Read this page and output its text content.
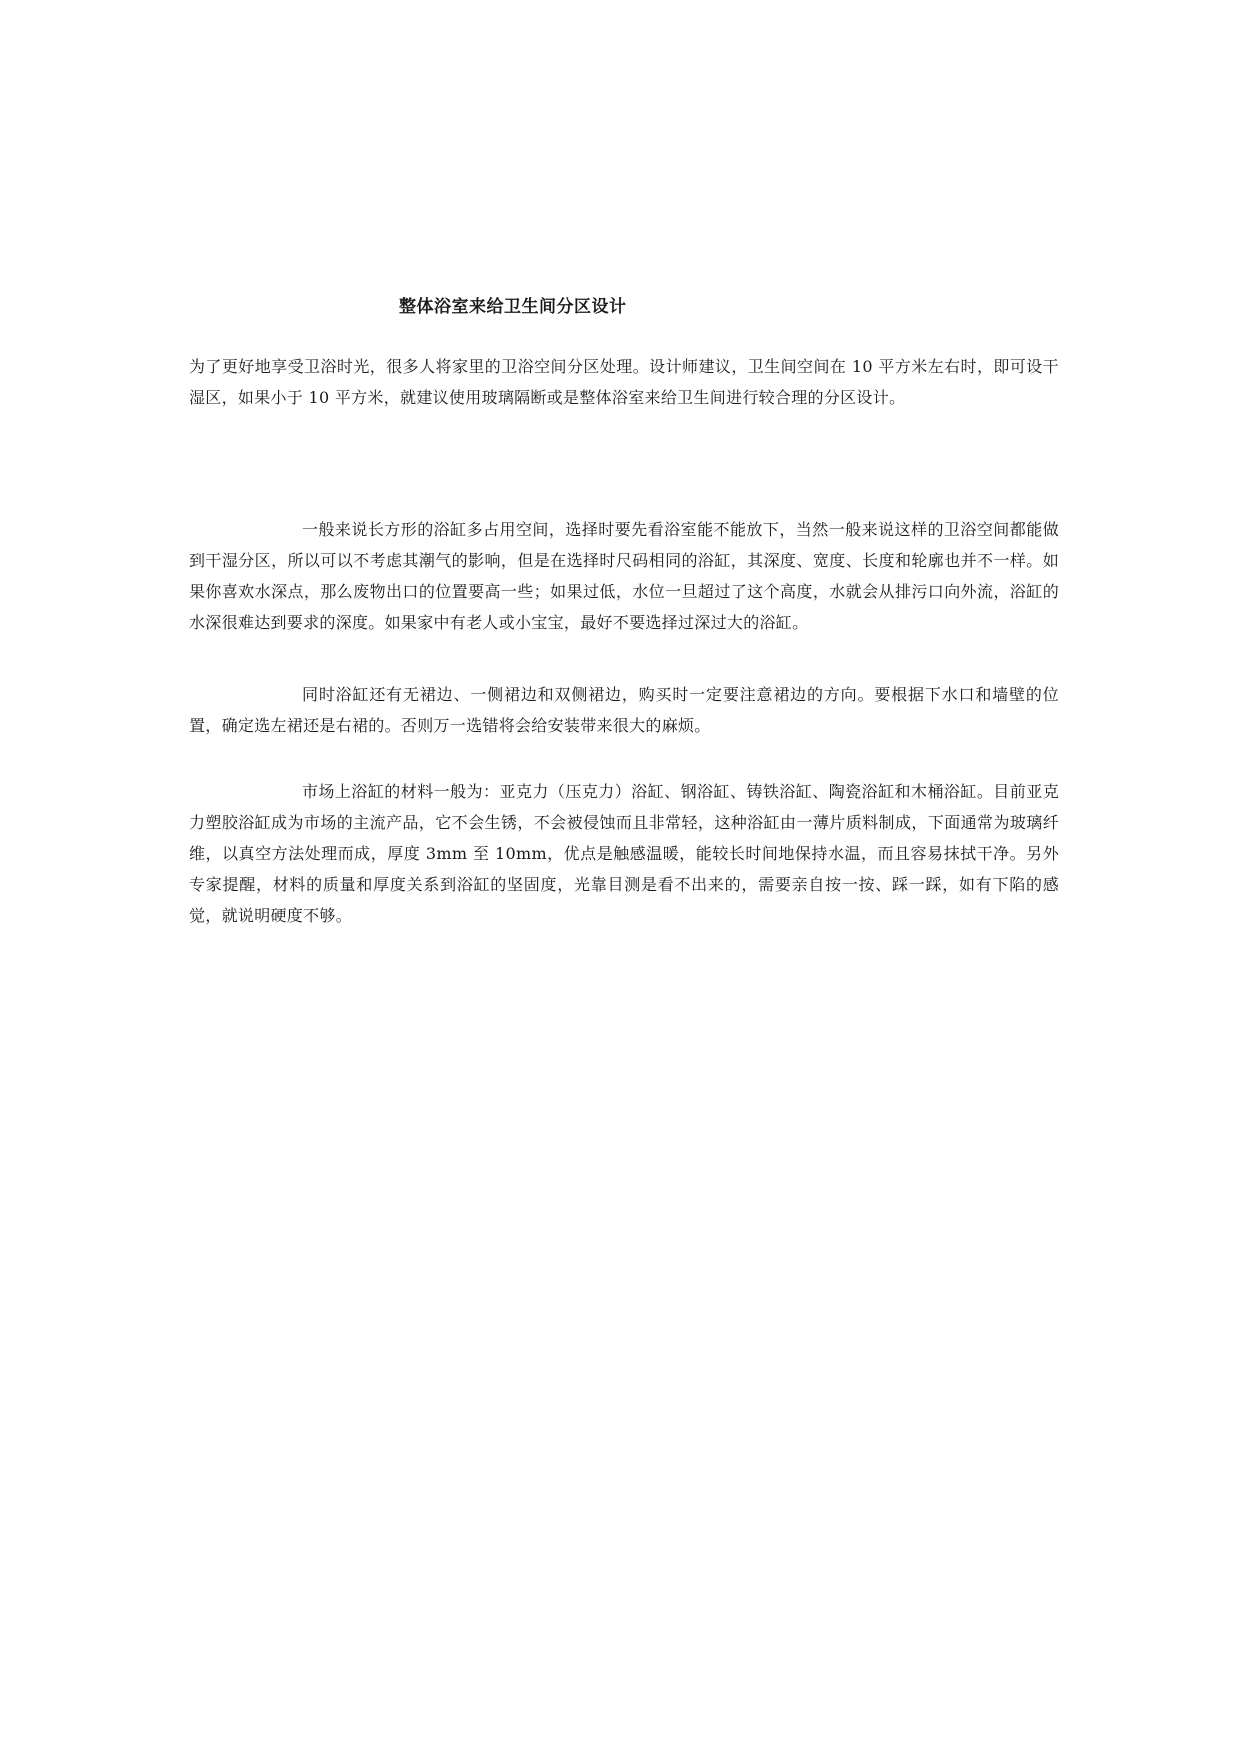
整体浴室来给卫生间分区设计

为了更好地享受卫浴时光，很多人将家里的卫浴空间分区处理。设计师建议，卫生间空间在 10 平方米左右时，即可设干湿区，如果小于 10 平方米，就建议使用玻璃隔断或是整体浴室来给卫生间进行较合理的分区设计。

一般来说长方形的浴缸多占用空间，选择时要先看浴室能不能放下，当然一般来说这样的卫浴空间都能做到干湿分区，所以可以不考虑其潮气的影响，但是在选择时尺码相同的浴缸，其深度、宽度、长度和轮廓也并不一样。如果你喜欢水深点，那么废物出口的位置要高一些；如果过低，水位一旦超过了这个高度，水就会从排污口向外流，浴缸的水深很难达到要求的深度。如果家中有老人或小宝宝，最好不要选择过深过大的浴缸。

同时浴缸还有无裙边、一侧裙边和双侧裙边，购买时一定要注意裙边的方向。要根据下水口和墙壁的位置，确定选左裙还是右裙的。否则万一选错将会给安装带来很大的麻烦。

市场上浴缸的材料一般为：亚克力（压克力）浴缸、钢浴缸、铸铁浴缸、陶瓷浴缸和木桶浴缸。目前亚克力塑胶浴缸成为市场的主流产品，它不会生锈，不会被侵蚀而且非常轻，这种浴缸由一薄片质料制成，下面通常为玻璃纤维，以真空方法处理而成，厚度 3mm 至 10mm，优点是触感温暖，能较长时间地保持水温，而且容易抹拭干净。另外专家提醒，材料的质量和厚度关系到浴缸的坚固度，光靠目测是看不出来的，需要亲自按一按、踩一踩，如有下陷的感觉，就说明硬度不够。
